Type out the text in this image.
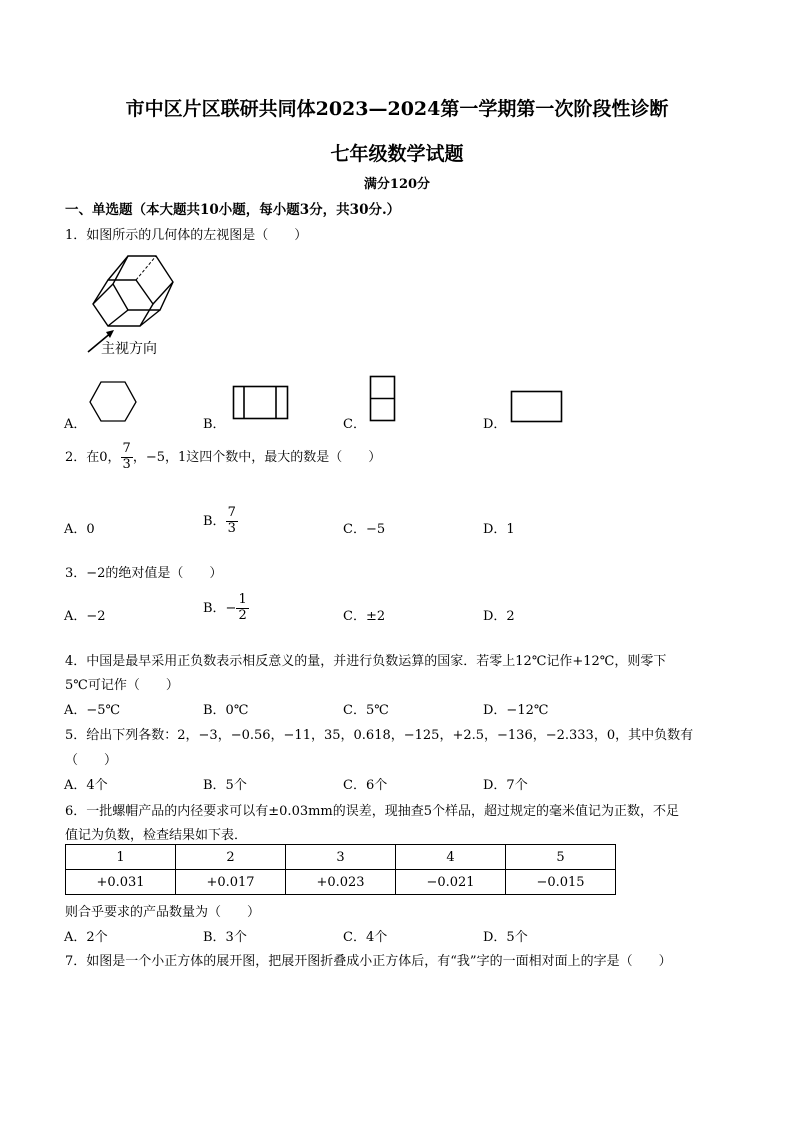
市中区片区联研共同体2023—2024第一学期第一次阶段性诊断
七年级数学试题
满分120分
一、单选题（本大题共10小题，每小题3分，共30分.）
1．如图所示的几何体的左视图是（　　）
主视方向
A．	B．	C．	D．
2．在0， $\frac{7}{3}$ ，−5，1这四个数中，最大的数是（　　）
A．0
B． $\frac{7}{3}$	C．−5	D．1
3．−2的绝对值是（　　）
A．−2
B．− $\frac{1}{2}$	C．±2	D．2
4．中国是最早采用正负数表示相反意义的量，并进行负数运算的国家．若零上12℃记作+12℃，则零下
5℃可记作（　　）
A．−5℃	B．0℃	C．5℃	D．−12℃
5．给出下列各数：2，−3，−0.56，−11，35，0.618，−125，+2.5，−136，−2.333，0，其中负数有
（　　）
A．4个	B．5个	C．6个	D．7个
6．一批螺帽产品的内径要求可以有±0.03mm的误差，现抽查5个样品，超过规定的毫米值记为正数，不足
值记为负数，检查结果如下表．
1	2	3	4	5
+0.031	+0.017	+0.023	−0.021	−0.015
则合乎要求的产品数量为（　　）
A．2个	B．3个	C．4个	D．5个
7．如图是一个小正方体的展开图，把展开图折叠成小正方体后，有“我”字的一面相对面上的字是（　　）
